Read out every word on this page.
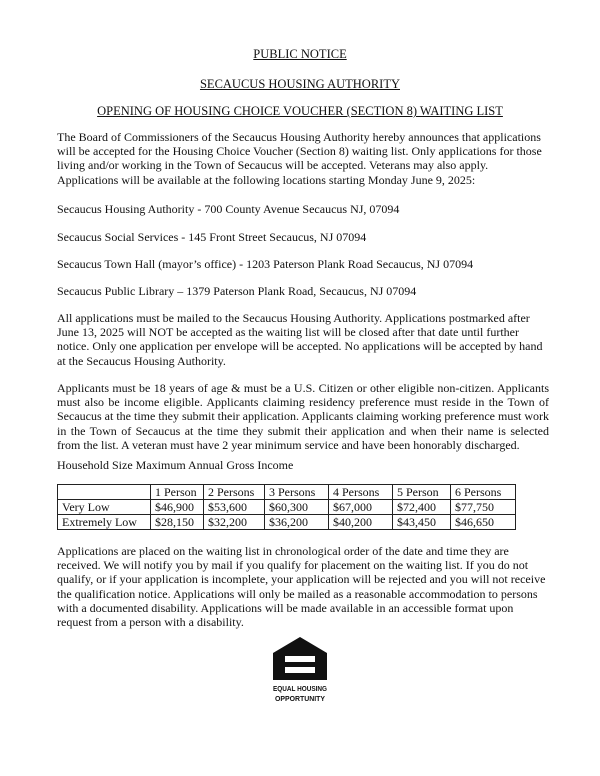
PUBLIC NOTICE
SECAUCUS HOUSING AUTHORITY
OPENING OF HOUSING CHOICE VOUCHER (SECTION 8) WAITING LIST

The Board of Commissioners of the Secaucus Housing Authority hereby announces that applications will be accepted for the Housing Choice Voucher (Section 8) waiting list. Only applications for those living and/or working in the Town of Secaucus will be accepted. Veterans may also apply. Applications will be available at the following locations starting Monday June 9, 2025:

Secaucus Housing Authority - 700 County Avenue Secaucus NJ, 07094

Secaucus Social Services - 145 Front Street Secaucus, NJ 07094

Secaucus Town Hall (mayor’s office) - 1203 Paterson Plank Road Secaucus, NJ 07094

Secaucus Public Library – 1379 Paterson Plank Road, Secaucus, NJ 07094

All applications must be mailed to the Secaucus Housing Authority. Applications postmarked after June 13, 2025 will NOT be accepted as the waiting list will be closed after that date until further notice. Only one application per envelope will be accepted. No applications will be accepted by hand at the Secaucus Housing Authority.

Applicants must be 18 years of age & must be a U.S. Citizen or other eligible non-citizen. Applicants must also be income eligible. Applicants claiming residency preference must reside in the Town of Secaucus at the time they submit their application. Applicants claiming working preference must work in the Town of Secaucus at the time they submit their application and when their name is selected from the list. A veteran must have 2 year minimum service and have been honorably discharged.

Household Size Maximum Annual Gross Income

	1 Person	2 Persons	3 Persons	4 Persons	5 Person	6 Persons
Very Low	$46,900	$53,600	$60,300	$67,000	$72,400	$77,750
Extremely Low	$28,150	$32,200	$36,200	$40,200	$43,450	$46,650

Applications are placed on the waiting list in chronological order of the date and time they are received. We will notify you by mail if you qualify for placement on the waiting list. If you do not qualify, or if your application is incomplete, your application will be rejected and you will not receive the qualification notice. Applications will only be mailed as a reasonable accommodation to persons with a documented disability. Applications will be made available in an accessible format upon request from a person with a disability.

EQUAL HOUSING
OPPORTUNITY
